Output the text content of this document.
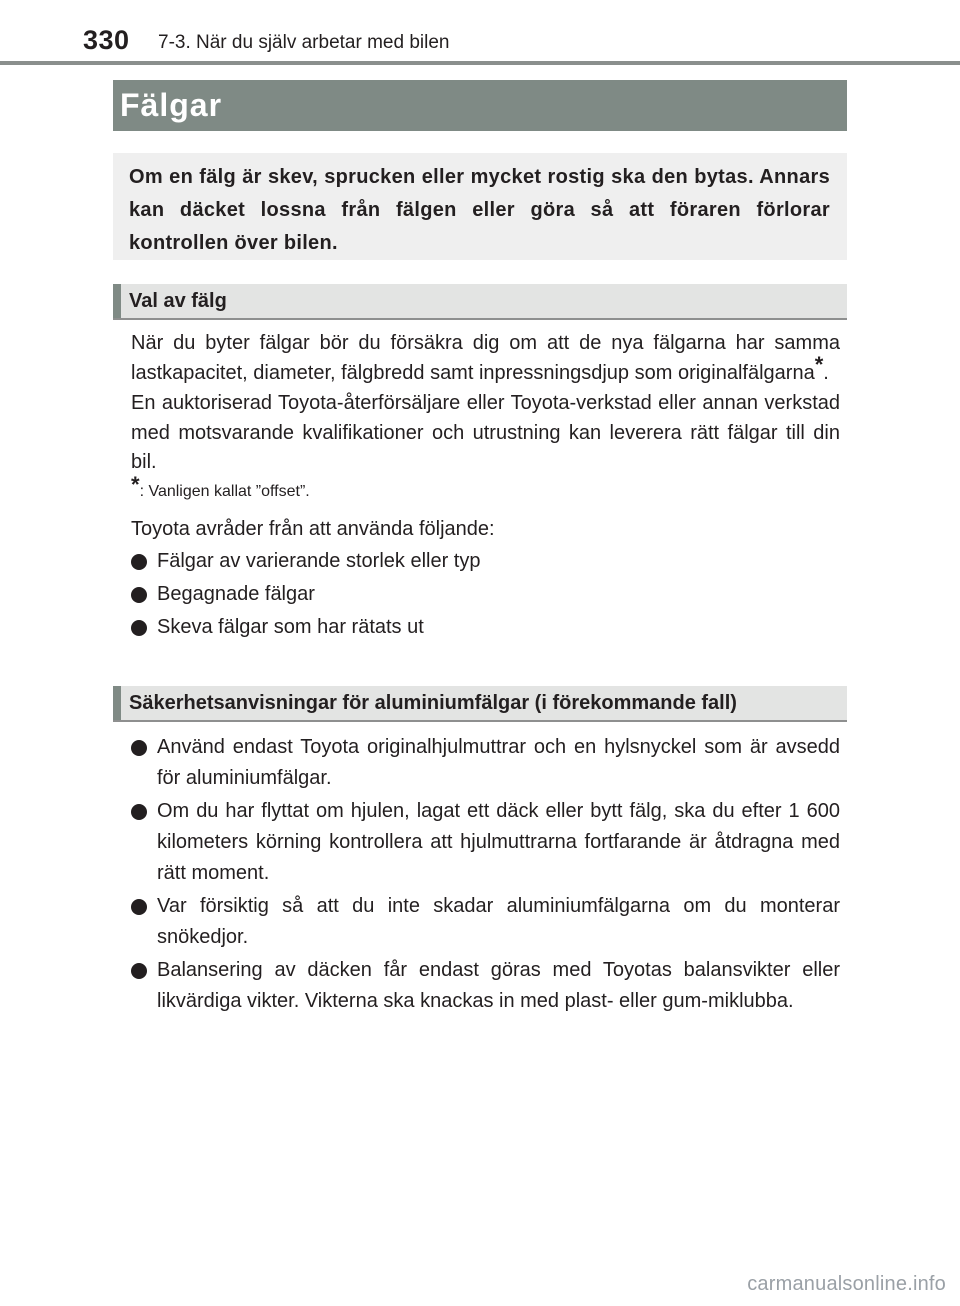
330 7-3. När du själv arbetar med bilen
Fälgar

Om en fälg är skev, sprucken eller mycket rostig ska den bytas. Annars kan däcket lossna från fälgen eller göra så att föraren förlorar kontrollen över bilen.

Val av fälg

När du byter fälgar bör du försäkra dig om att de nya fälgarna har samma lastkapacitet, diameter, fälgbredd samt inpressningsdjup som originalfälgarna*.

En auktoriserad Toyota-återförsäljare eller Toyota-verkstad eller annan verkstad med motsvarande kvalifikationer och utrustning kan leverera rätt fälgar till din bil.

*: Vanligen kallat ”offset”.

Toyota avråder från att använda följande:

Fälgar av varierande storlek eller typ
Begagnade fälgar
Skeva fälgar som har rätats ut
Säkerhetsanvisningar för aluminiumfälgar (i förekommande fall)
Använd endast Toyota originalhjulmuttrar och en hylsnyckel som är avsedd för aluminiumfälgar.
Om du har flyttat om hjulen, lagat ett däck eller bytt fälg, ska du efter 1 600 kilometers körning kontrollera att hjulmuttrarna fortfarande är åtdragna med rätt moment.
Var försiktig så att du inte skadar aluminiumfälgarna om du monterar snökedjor.
Balansering av däcken får endast göras med Toyotas balansvikter eller likvärdiga vikter. Vikterna ska knackas in med plast- eller gum-miklubba.
carmanualsonline.info
